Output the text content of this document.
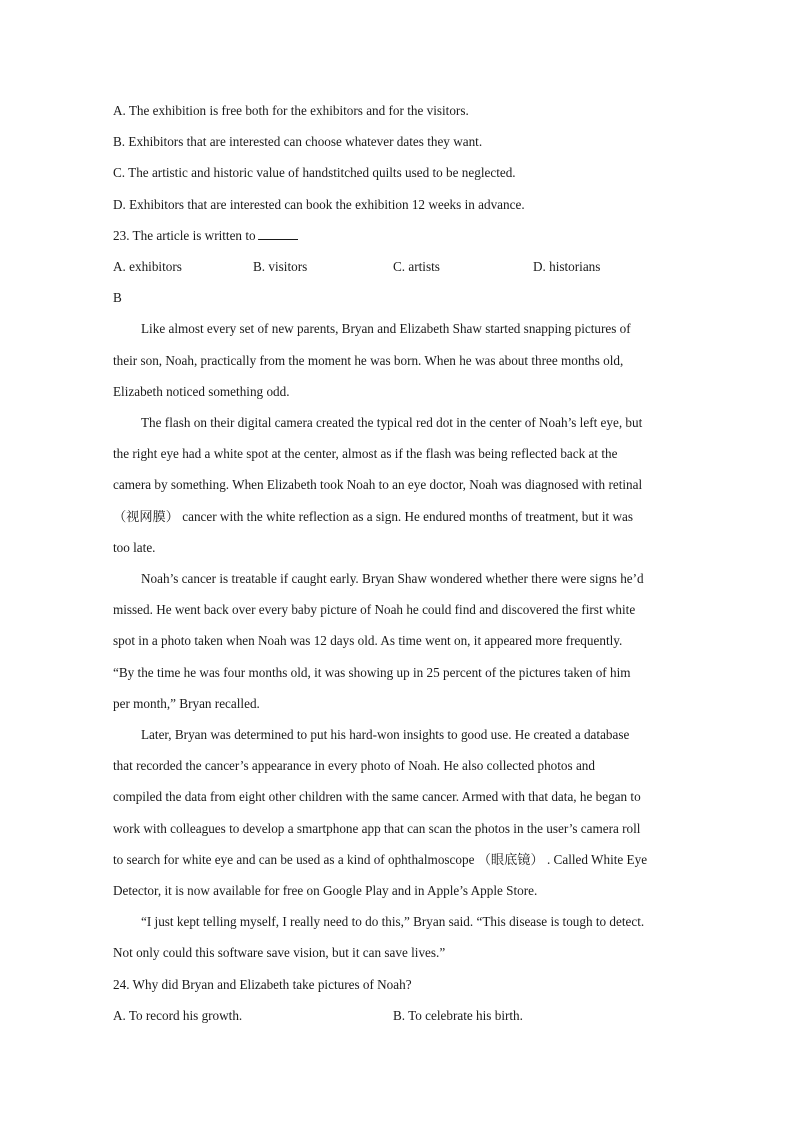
A. The exhibition is free both for the exhibitors and for the visitors.
B. Exhibitors that are interested can choose whatever dates they want.
C. The artistic and historic value of handstitched quilts used to be neglected.
D. Exhibitors that are interested can book the exhibition 12 weeks in advance.
23. The article is written to
A. exhibitors	B. visitors	C. artists	D. historians
B
Like almost every set of new parents, Bryan and Elizabeth Shaw started snapping pictures of
their son, Noah, practically from the moment he was born. When he was about three months old,
Elizabeth noticed something odd.
The flash on their digital camera created the typical red dot in the center of Noah’s left eye, but
the right eye had a white spot at the center, almost as if the flash was being reflected back at the
camera by something. When Elizabeth took Noah to an eye doctor, Noah was diagnosed with retinal
（视网膜） cancer with the white reflection as a sign. He endured months of treatment, but it was
too late.
Noah’s cancer is treatable if caught early. Bryan Shaw wondered whether there were signs he’d
missed. He went back over every baby picture of Noah he could find and discovered the first white
spot in a photo taken when Noah was 12 days old. As time went on, it appeared more frequently.
“By the time he was four months old, it was showing up in 25 percent of the pictures taken of him
per month,” Bryan recalled.
Later, Bryan was determined to put his hard-won insights to good use. He created a database
that recorded the cancer’s appearance in every photo of Noah. He also collected photos and
compiled the data from eight other children with the same cancer. Armed with that data, he began to
work with colleagues to develop a smartphone app that can scan the photos in the user’s camera roll
to search for white eye and can be used as a kind of ophthalmoscope （眼底镜） . Called White Eye
Detector, it is now available for free on Google Play and in Apple’s Apple Store.
“I just kept telling myself, I really need to do this,” Bryan said. “This disease is tough to detect.
Not only could this software save vision, but it can save lives.”
24. Why did Bryan and Elizabeth take pictures of Noah?
A. To record his growth.	B. To celebrate his birth.
